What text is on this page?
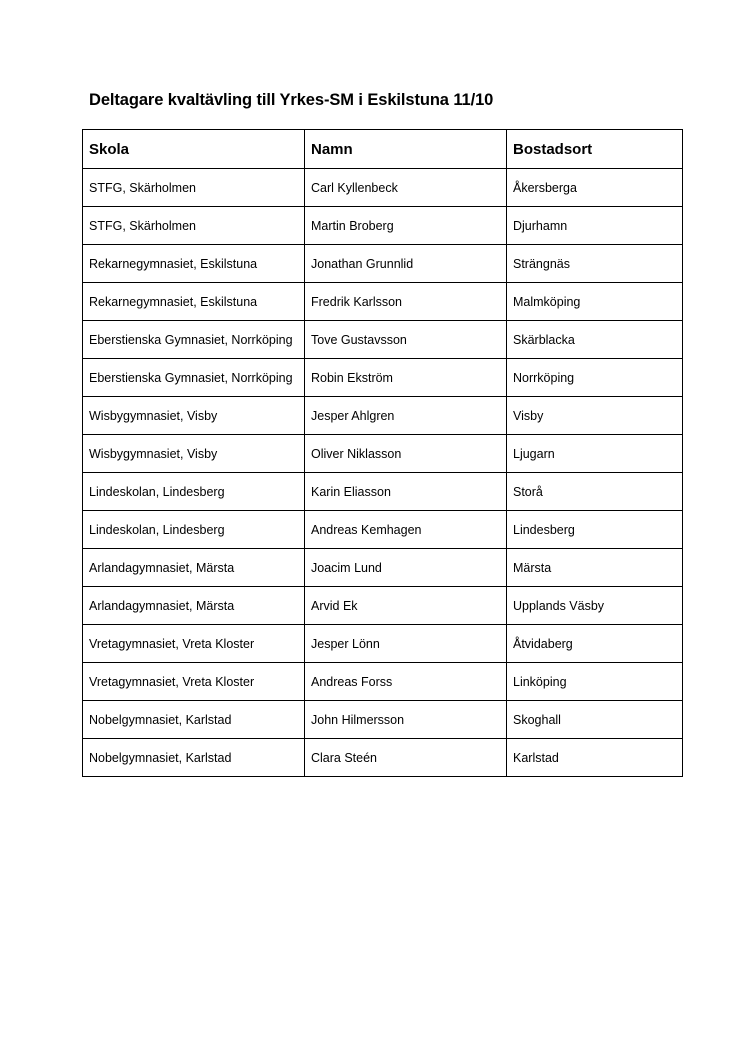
Deltagare kvaltävling till Yrkes-SM i Eskilstuna 11/10
Skola	Namn	Bostadsort
STFG, Skärholmen	Carl Kyllenbeck	Åkersberga
STFG, Skärholmen	Martin Broberg	Djurhamn
Rekarnegymnasiet, Eskilstuna	Jonathan Grunnlid	Strängnäs
Rekarnegymnasiet, Eskilstuna	Fredrik Karlsson	Malmköping
Eberstienska Gymnasiet, Norrköping	Tove Gustavsson	Skärblacka
Eberstienska Gymnasiet, Norrköping	Robin Ekström	Norrköping
Wisbygymnasiet, Visby	Jesper Ahlgren	Visby
Wisbygymnasiet, Visby	Oliver Niklasson	Ljugarn
Lindeskolan, Lindesberg	Karin Eliasson	Storå
Lindeskolan, Lindesberg	Andreas Kemhagen	Lindesberg
Arlandagymnasiet, Märsta	Joacim Lund	Märsta
Arlandagymnasiet, Märsta	Arvid Ek	Upplands Väsby
Vretagymnasiet, Vreta Kloster	Jesper Lönn	Åtvidaberg
Vretagymnasiet, Vreta Kloster	Andreas Forss	Linköping
Nobelgymnasiet, Karlstad	John Hilmersson	Skoghall
Nobelgymnasiet, Karlstad	Clara Steén	Karlstad
